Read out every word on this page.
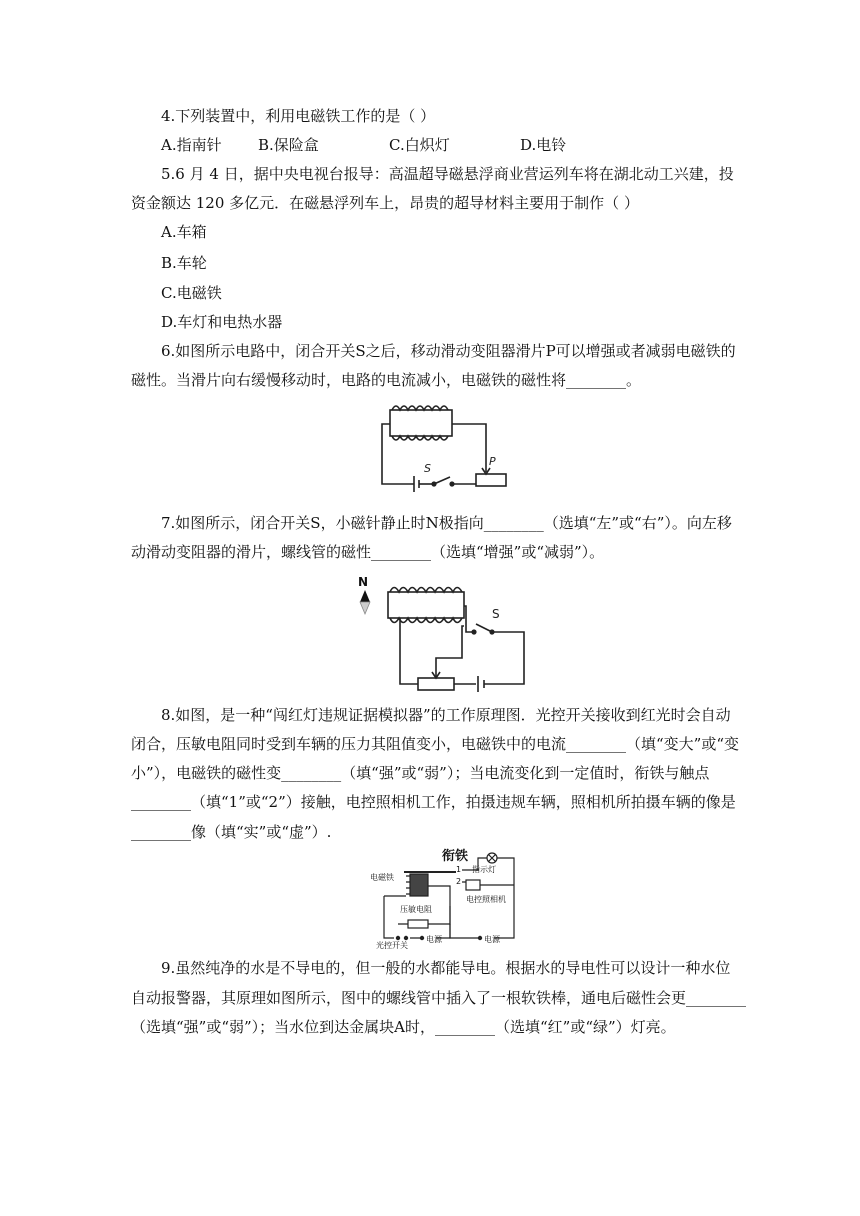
4.下列装置中，利用电磁铁工作的是（ ）
A.指南针 B.保险盒	C.白炽灯	D.电铃
5.6 月 4 日，据中央电视台报导：高温超导磁悬浮商业营运列车将在湖北动工兴建，投
资金额达 120 多亿元．在磁悬浮列车上，昂贵的超导材料主要用于制作（ ）
A.车箱
B.车轮
C.电磁铁
D.车灯和电热水器
6.如图所示电路中，闭合开关S之后，移动滑动变阻器滑片P可以增强或者减弱电磁铁的
磁性。当滑片向右缓慢移动时，电路的电流减小，电磁铁的磁性将________。
S
P
7.如图所示，闭合开关S，小磁针静止时N极指向________（选填“左”或“右”）。向左移
动滑动变阻器的滑片，螺线管的磁性________（选填“增强”或“减弱”）。
N
S
8.如图，是一种“闯红灯违规证据模拟器”的工作原理图．光控开关接收到红光时会自动
闭合，压敏电阻同时受到车辆的压力其阻值变小，电磁铁中的电流________（填“变大”或“变
小”），电磁铁的磁性变________（填“强”或“弱”）；当电流变化到一定值时，衔铁与触点
________（填“1”或“2”）接触，电控照相机工作，拍摄违规车辆，照相机所拍摄车辆的像是
________像（填“实”或“虚”）.
衔铁
电磁铁
指示灯
1
2
压敏电阻
电控照相机
光控开关
电源	电源
9.虽然纯净的水是不导电的，但一般的水都能导电。根据水的导电性可以设计一种水位
自动报警器，其原理如图所示，图中的螺线管中插入了一根软铁棒，通电后磁性会更________
（选填“强”或“弱”）；当水位到达金属块A时，________（选填“红”或“绿”）灯亮。
